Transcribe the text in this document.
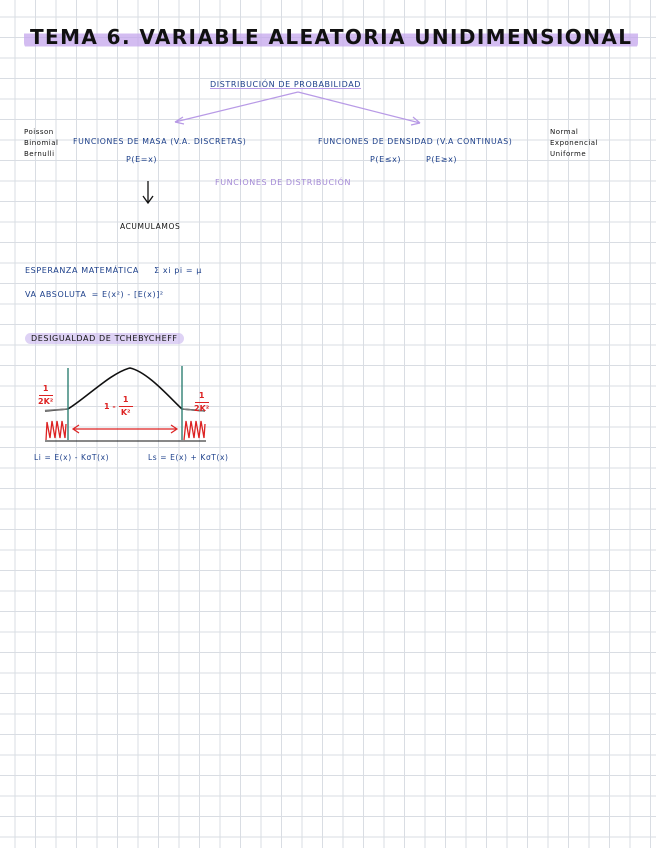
TEMA 6. VARIABLE ALEATORIA UNIDIMENSIONAL
DISTRIBUCIÓN DE PROBABILIDAD
Poisson
Binomial
Bernulli
FUNCIONES DE MASA (V.A. DISCRETAS)
P(E=x)
FUNCIONES DE DENSIDAD (V.A CONTINUAS)
P(E≤x)	P(E≥x)
Normal
Exponencial
Uniforme
FUNCIONES DE DISTRIBUCIÓN
ACUMULAMOS
ESPERANZA MATEMÁTICA Σ xi pi = μ
VA ABSOLUTA = E(x²) - [E(x)]²
DESIGUALDAD DE TCHEBYCHEFF
$\frac{1}{\text{2K²}}$	$\frac{1}{\text{2K²}}$
$1 - \frac{1}{\text{K²}}$
Li = E(x) - KσT(x)	Ls = E(x) + KσT(x)
